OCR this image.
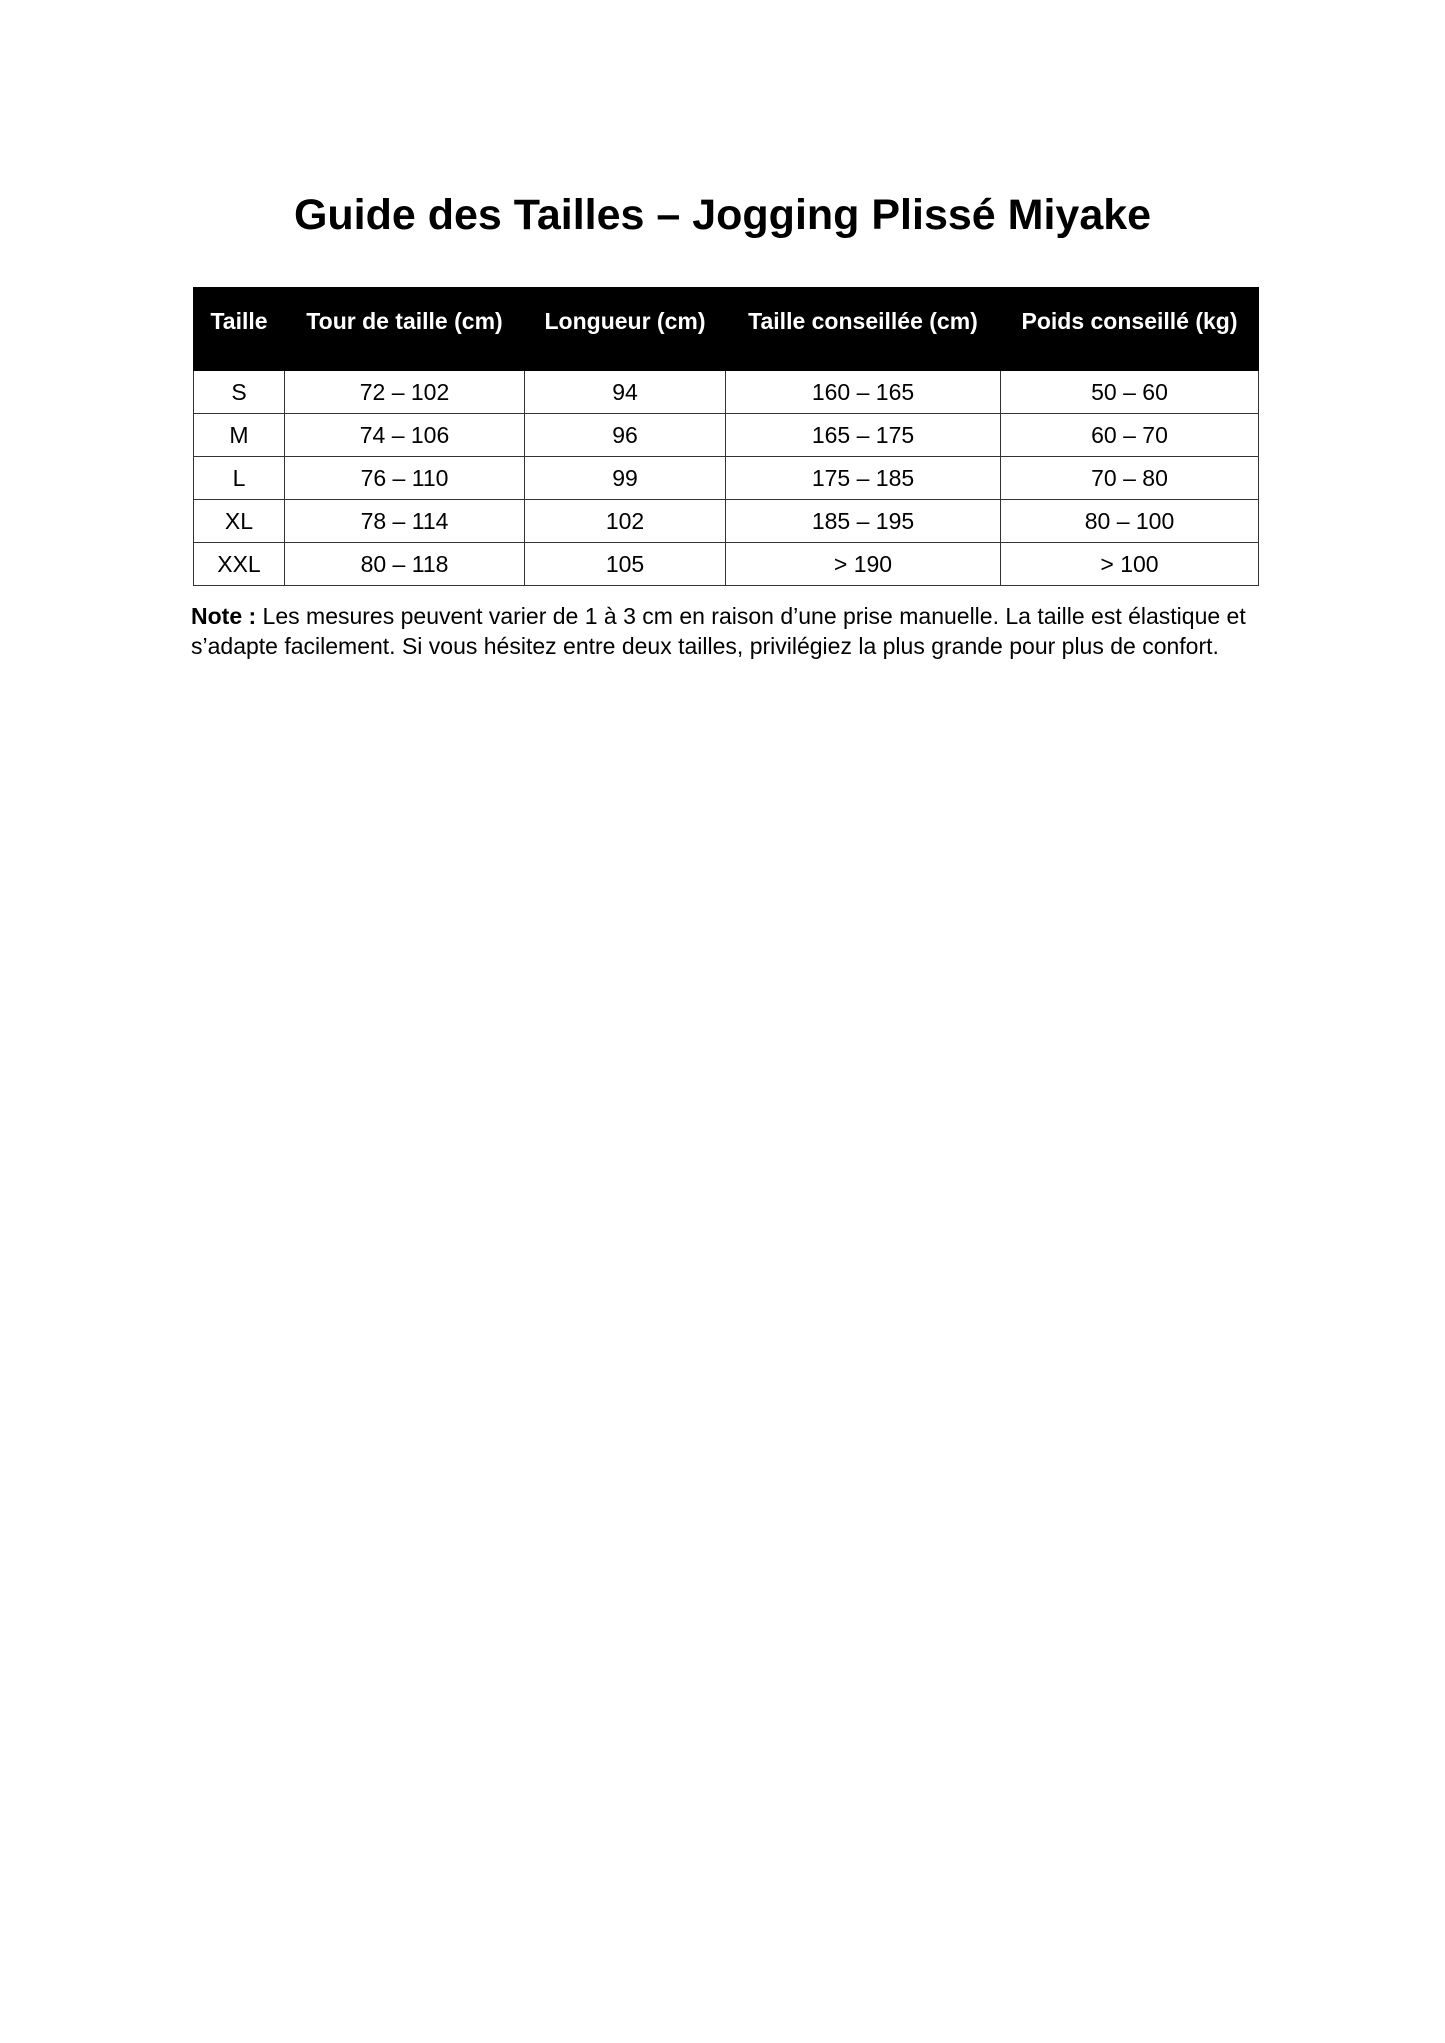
Guide des Tailles – Jogging Plissé Miyake
Taille	Tour de taille (cm)	Longueur (cm)	Taille conseillée (cm)	Poids conseillé (kg)
S	72 – 102	94	160 – 165	50 – 60
M	74 – 106	96	165 – 175	60 – 70
L	76 – 110	99	175 – 185	70 – 80
XL	78 – 114	102	185 – 195	80 – 100
XXL	80 – 118	105	> 190	> 100

Note : Les mesures peuvent varier de 1 à 3 cm en raison d’une prise manuelle. La taille est élastique et s’adapte facilement. Si vous hésitez entre deux tailles, privilégiez la plus grande pour plus de confort.
